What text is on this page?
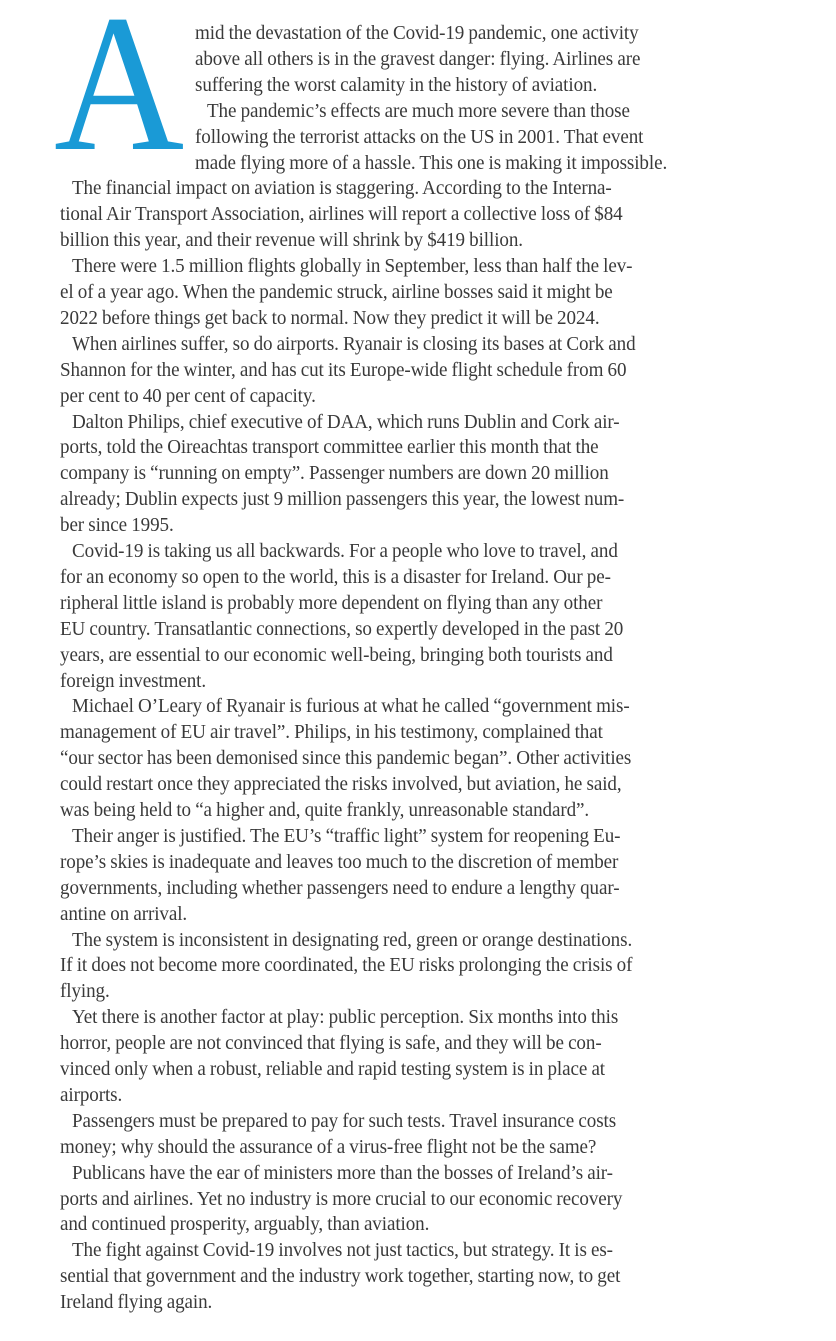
A mid the devastation of the Covid-19 pandemic, one activity
above all others is in the gravest danger: flying. Airlines are
suffering the worst calamity in the history of aviation.
The pandemic’s effects are much more severe than those
following the terrorist attacks on the US in 2001. That event
made flying more of a hassle. This one is making it impossible.
The financial impact on aviation is staggering. According to the Interna-
tional Air Transport Association, airlines will report a collective loss of $84
billion this year, and their revenue will shrink by $419 billion.
There were 1.5 million flights globally in September, less than half the lev-
el of a year ago. When the pandemic struck, airline bosses said it might be
2022 before things get back to normal. Now they predict it will be 2024.
When airlines suffer, so do airports. Ryanair is closing its bases at Cork and
Shannon for the winter, and has cut its Europe-wide flight schedule from 60
per cent to 40 per cent of capacity.
Dalton Philips, chief executive of DAA, which runs Dublin and Cork air-
ports, told the Oireachtas transport committee earlier this month that the
company is “running on empty”. Passenger numbers are down 20 million
already; Dublin expects just 9 million passengers this year, the lowest num-
ber since 1995.
Covid-19 is taking us all backwards. For a people who love to travel, and
for an economy so open to the world, this is a disaster for Ireland. Our pe-
ripheral little island is probably more dependent on flying than any other
EU country. Transatlantic connections, so expertly developed in the past 20
years, are essential to our economic well-being, bringing both tourists and
foreign investment.
Michael O’Leary of Ryanair is furious at what he called “government mis-
management of EU air travel”. Philips, in his testimony, complained that
“our sector has been demonised since this pandemic began”. Other activities
could restart once they appreciated the risks involved, but aviation, he said,
was being held to “a higher and, quite frankly, unreasonable standard”.
Their anger is justified. The EU’s “traffic light” system for reopening Eu-
rope’s skies is inadequate and leaves too much to the discretion of member
governments, including whether passengers need to endure a lengthy quar-
antine on arrival.
The system is inconsistent in designating red, green or orange destinations.
If it does not become more coordinated, the EU risks prolonging the crisis of
flying.
Yet there is another factor at play: public perception. Six months into this
horror, people are not convinced that flying is safe, and they will be con-
vinced only when a robust, reliable and rapid testing system is in place at
airports.
Passengers must be prepared to pay for such tests. Travel insurance costs
money; why should the assurance of a virus-free flight not be the same?
Publicans have the ear of ministers more than the bosses of Ireland’s air-
ports and airlines. Yet no industry is more crucial to our economic recovery
and continued prosperity, arguably, than aviation.
The fight against Covid-19 involves not just tactics, but strategy. It is es-
sential that government and the industry work together, starting now, to get
Ireland flying again.
